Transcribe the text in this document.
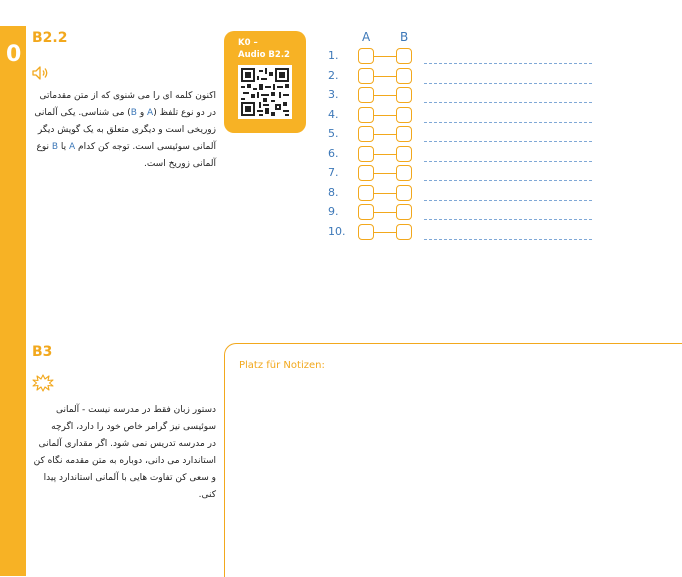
0
B2.2
اکنون کلمه ای را می شنوی که از متن مقدماتی
در دو نوع تلفظ (A و B) می شناسی. یکی آلمانی
زوریخی است و دیگری متعلق به یک گویش دیگر
آلمانی سوئیسی است. توجه کن کدام A یا B نوع
آلمانی زوریخ است.
K0 –
Audio B2.2
A B
1.
2.
3.
4.
5.
6.
7.
8.
9.
10.
B3
دستور زبان فقط در مدرسه نیست - آلمانی
سوئیسی نیز گرامر خاص خود را دارد، اگرچه
در مدرسه تدریس نمی شود. اگر مقداری آلمانی
استاندارد می دانی، دوباره به متن مقدمه نگاه کن
و سعی کن تفاوت هایی با آلمانی استاندارد پیدا
کنی.
Platz für Notizen:
